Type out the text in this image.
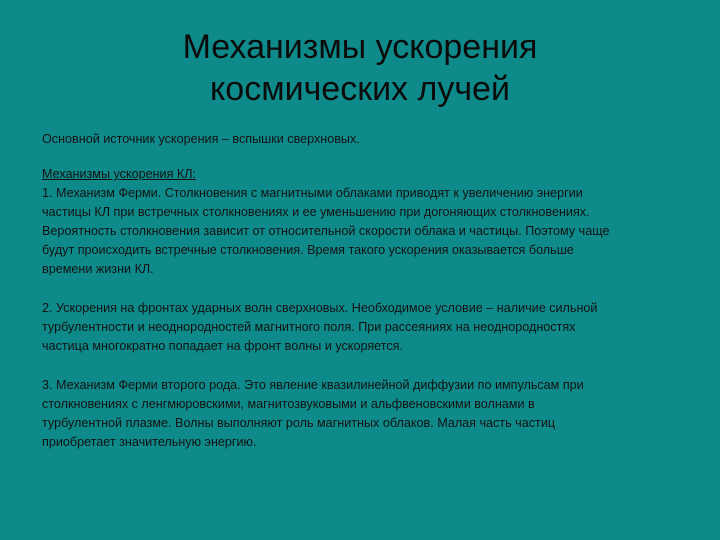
Механизмы ускорения
космических лучей

Основной источник ускорения – вспышки сверхновых.

Механизмы ускорения КЛ:

1. Механизм Ферми. Столкновения с магнитными облаками приводят к увеличению энергии

частицы КЛ при встречных столкновениях и ее уменьшению при догоняющих столкновениях.

Вероятность столкновения зависит от относительной скорости облака и частицы. Поэтому чаще

будут происходить встречные столкновения. Время такого ускорения оказывается больше

времени жизни КЛ.

2. Ускорения на фронтах ударных волн сверхновых. Необходимое условие – наличие сильной

турбулентности и неоднородностей магнитного поля. При рассеяниях на неоднородностях

частица многократно попадает на фронт волны и ускоряется.

3. Механизм Ферми второго рода. Это явление квазилинейной диффузии по импульсам при

столкновениях с ленгмюровскими, магнитозвуковыми и альфвеновскими волнами в

турбулентной плазме. Волны выполняют роль магнитных облаков. Малая часть частиц

приобретает значительную энергию.
